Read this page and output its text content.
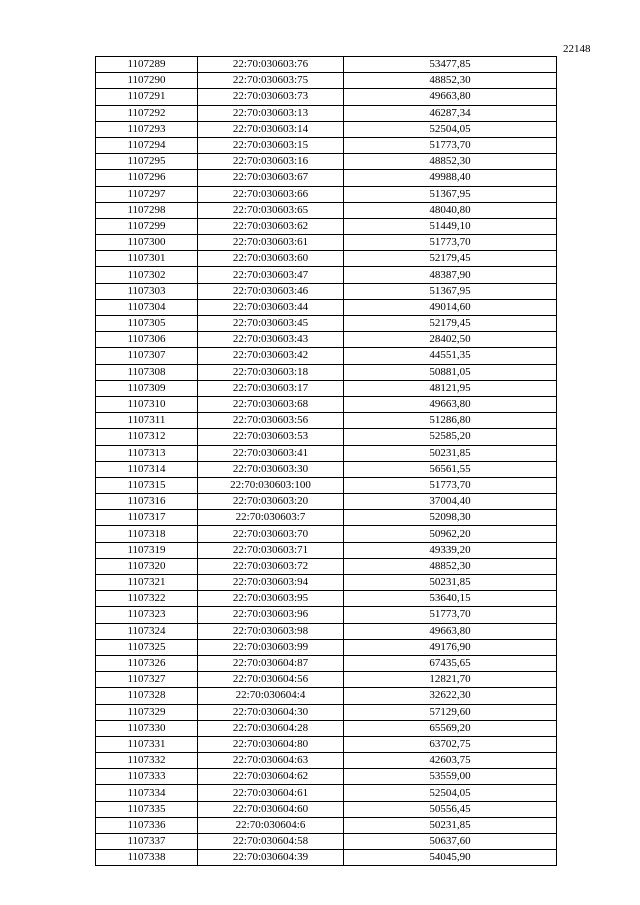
22148
1107289	22:70:030603:76	53477,85
1107290	22:70:030603:75	48852,30
1107291	22:70:030603:73	49663,80
1107292	22:70:030603:13	46287,34
1107293	22:70:030603:14	52504,05
1107294	22:70:030603:15	51773,70
1107295	22:70:030603:16	48852,30
1107296	22:70:030603:67	49988,40
1107297	22:70:030603:66	51367,95
1107298	22:70:030603:65	48040,80
1107299	22:70:030603:62	51449,10
1107300	22:70:030603:61	51773,70
1107301	22:70:030603:60	52179,45
1107302	22:70:030603:47	48387,90
1107303	22:70:030603:46	51367,95
1107304	22:70:030603:44	49014,60
1107305	22:70:030603:45	52179,45
1107306	22:70:030603:43	28402,50
1107307	22:70:030603:42	44551,35
1107308	22:70:030603:18	50881,05
1107309	22:70:030603:17	48121,95
1107310	22:70:030603:68	49663,80
1107311	22:70:030603:56	51286,80
1107312	22:70:030603:53	52585,20
1107313	22:70:030603:41	50231,85
1107314	22:70:030603:30	56561,55
1107315	22:70:030603:100	51773,70
1107316	22:70:030603:20	37004,40
1107317	22:70:030603:7	52098,30
1107318	22:70:030603:70	50962,20
1107319	22:70:030603:71	49339,20
1107320	22:70:030603:72	48852,30
1107321	22:70:030603:94	50231,85
1107322	22:70:030603:95	53640,15
1107323	22:70:030603:96	51773,70
1107324	22:70:030603:98	49663,80
1107325	22:70:030603:99	49176,90
1107326	22:70:030604:87	67435,65
1107327	22:70:030604:56	12821,70
1107328	22:70:030604:4	32622,30
1107329	22:70:030604:30	57129,60
1107330	22:70:030604:28	65569,20
1107331	22:70:030604:80	63702,75
1107332	22:70:030604:63	42603,75
1107333	22:70:030604:62	53559,00
1107334	22:70:030604:61	52504,05
1107335	22:70:030604:60	50556,45
1107336	22:70:030604:6	50231,85
1107337	22:70:030604:58	50637,60
1107338	22:70:030604:39	54045,90
